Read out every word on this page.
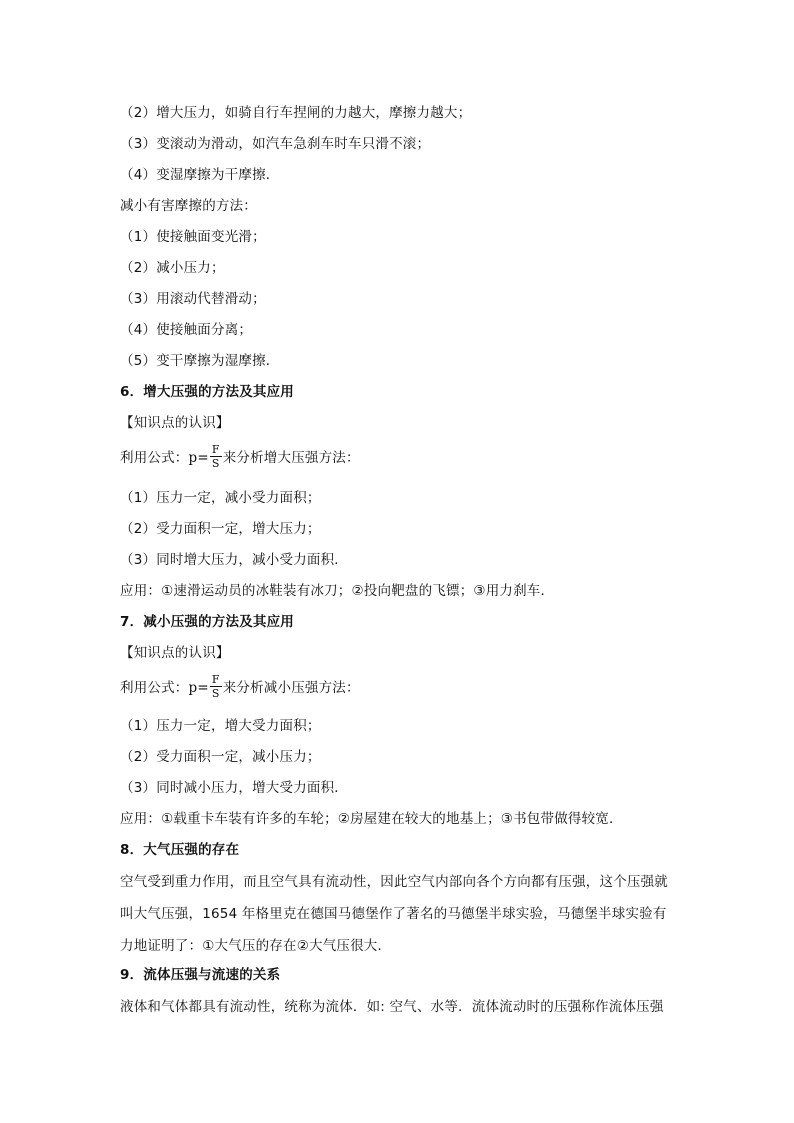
（2）增大压力，如骑自行车捏闸的力越大，摩擦力越大；
（3）变滚动为滑动，如汽车急刹车时车只滑不滚；
（4）变湿摩擦为干摩擦．
减小有害摩擦的方法：
（1）使接触面变光滑；
（2）减小压力；
（3）用滚动代替滑动；
（4）使接触面分离；
（5）变干摩擦为湿摩擦．
6．增大压强的方法及其应用
【知识点的认识】
利用公式： $p= \frac{F}{S}$ 来分析增大压强方法：
（1）压力一定，减小受力面积；
（2）受力面积一定，增大压力；
（3）同时增大压力，减小受力面积．
应用：①速滑运动员的冰鞋装有冰刀；②投向靶盘的飞镖；③用力刹车．
7．减小压强的方法及其应用
【知识点的认识】
利用公式： $p= \frac{F}{S}$ 来分析减小压强方法：
（1）压力一定，增大受力面积；
（2）受力面积一定，减小压力；
（3）同时减小压力，增大受力面积．
应用：①载重卡车装有许多的车轮；②房屋建在较大的地基上；③书包带做得较宽．
8．大气压强的存在
空气受到重力作用，而且空气具有流动性，因此空气内部向各个方向都有压强，这个压强就
叫大气压强，1654 年格里克在德国马德堡作了著名的马德堡半球实验，马德堡半球实验有
力地证明了：①大气压的存在②大气压很大．
9．流体压强与流速的关系
液体和气体都具有流动性，统称为流体．如: 空气、水等．流体流动时的压强称作流体压强
